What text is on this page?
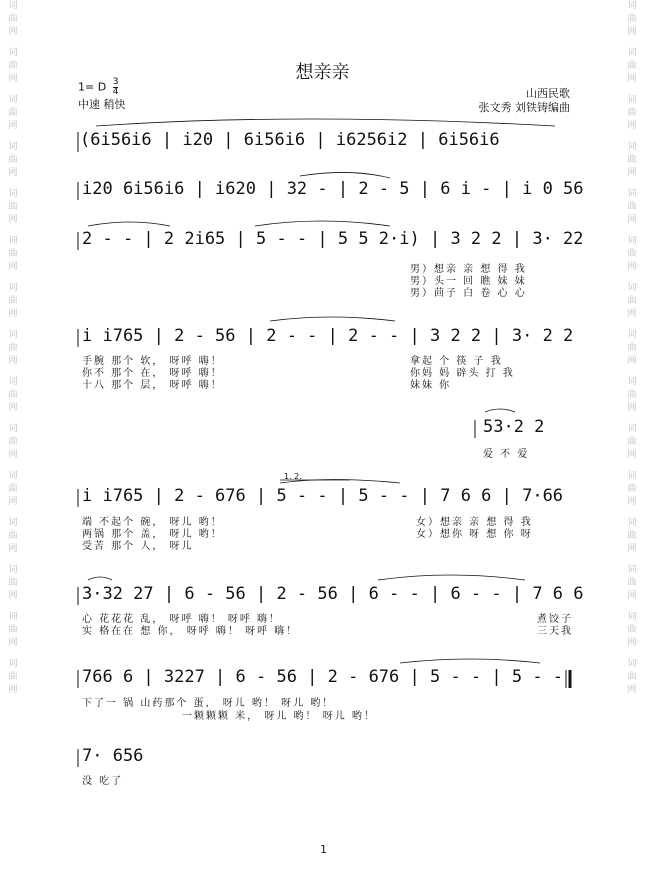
词
曲
网
词
曲
网
词
曲
网
词
曲
网
词
曲
网
词
曲
网
词
曲
网
词
曲
网
词
曲
网
词
曲
网
词
曲
网
词
曲
网
词
曲
网
词
曲
网
词
曲
网
词
曲
网
词
曲
网
词
曲
网
词
曲
网
词
曲
网
词
曲
网
词
曲
网
词
曲
网
词
曲
网
词
曲
网
词
曲
网
词
曲
网
词
曲
网
词
曲
网
词
曲
网
想亲亲
1= D $\frac{3}{4}$
中速 稍快
山西民歌
张文秀 刘铁铸编曲
(6i56i6 | i20 | 6i56i6 | i6256i2 | 6i56i6
i20 6i56i6 | i620 | 32 - | 2 - 5 | 6 i - | i 0 56
2 - - | 2 2i65 | 5 - - | 5 5 2·i) | 3 2 2 | 3· 22
i i765 | 2 - 56 | 2 - - | 2 - - | 3 2 2 | 3· 2 2
53·2 2
i i765 | 2 - 676 | 5 - - | 5 - - | 7 6 6 | 7·66
3·32 27 | 6 - 56 | 2 - 56 | 6 - - | 6 - - | 7 6 6
766 6 | 3227 | 6 - 56 | 2 - 676 | 5 - - | 5 - -
7· 656
男）想亲 亲 想 得 我
男）头一 回 瞧 妹 妹
男）茴子 白 卷 心 心
手腕 那个 软， 呀呼 嗨！
你不 那个 在， 呀呼 嗨！
十八 那个 层， 呀呼 嗨！
拿起 个 筷 子 我
你妈 妈 辟头 打 我
妹妹 你
爱 不 爱
端 不起个 碗， 呀儿 哟！
两锅 那个 盖， 呀儿 哟！
受苦 那个 人， 呀儿
女）想亲 亲 想 得 我
女）想你 呀 想 你 呀
心 花花花 乱， 呀呼 嗨！ 呀呼 嗨！
实 格在在 想 你， 呀呼 嗨！ 呀呼 嗨！
煮饺子
三天我
下了一 锅 山药那个 蛋， 呀儿 哟！ 呀儿 哟！
一颗颗颗 米， 呀儿 哟！ 呀儿 哟！
没 吃了
1. 2.
1
